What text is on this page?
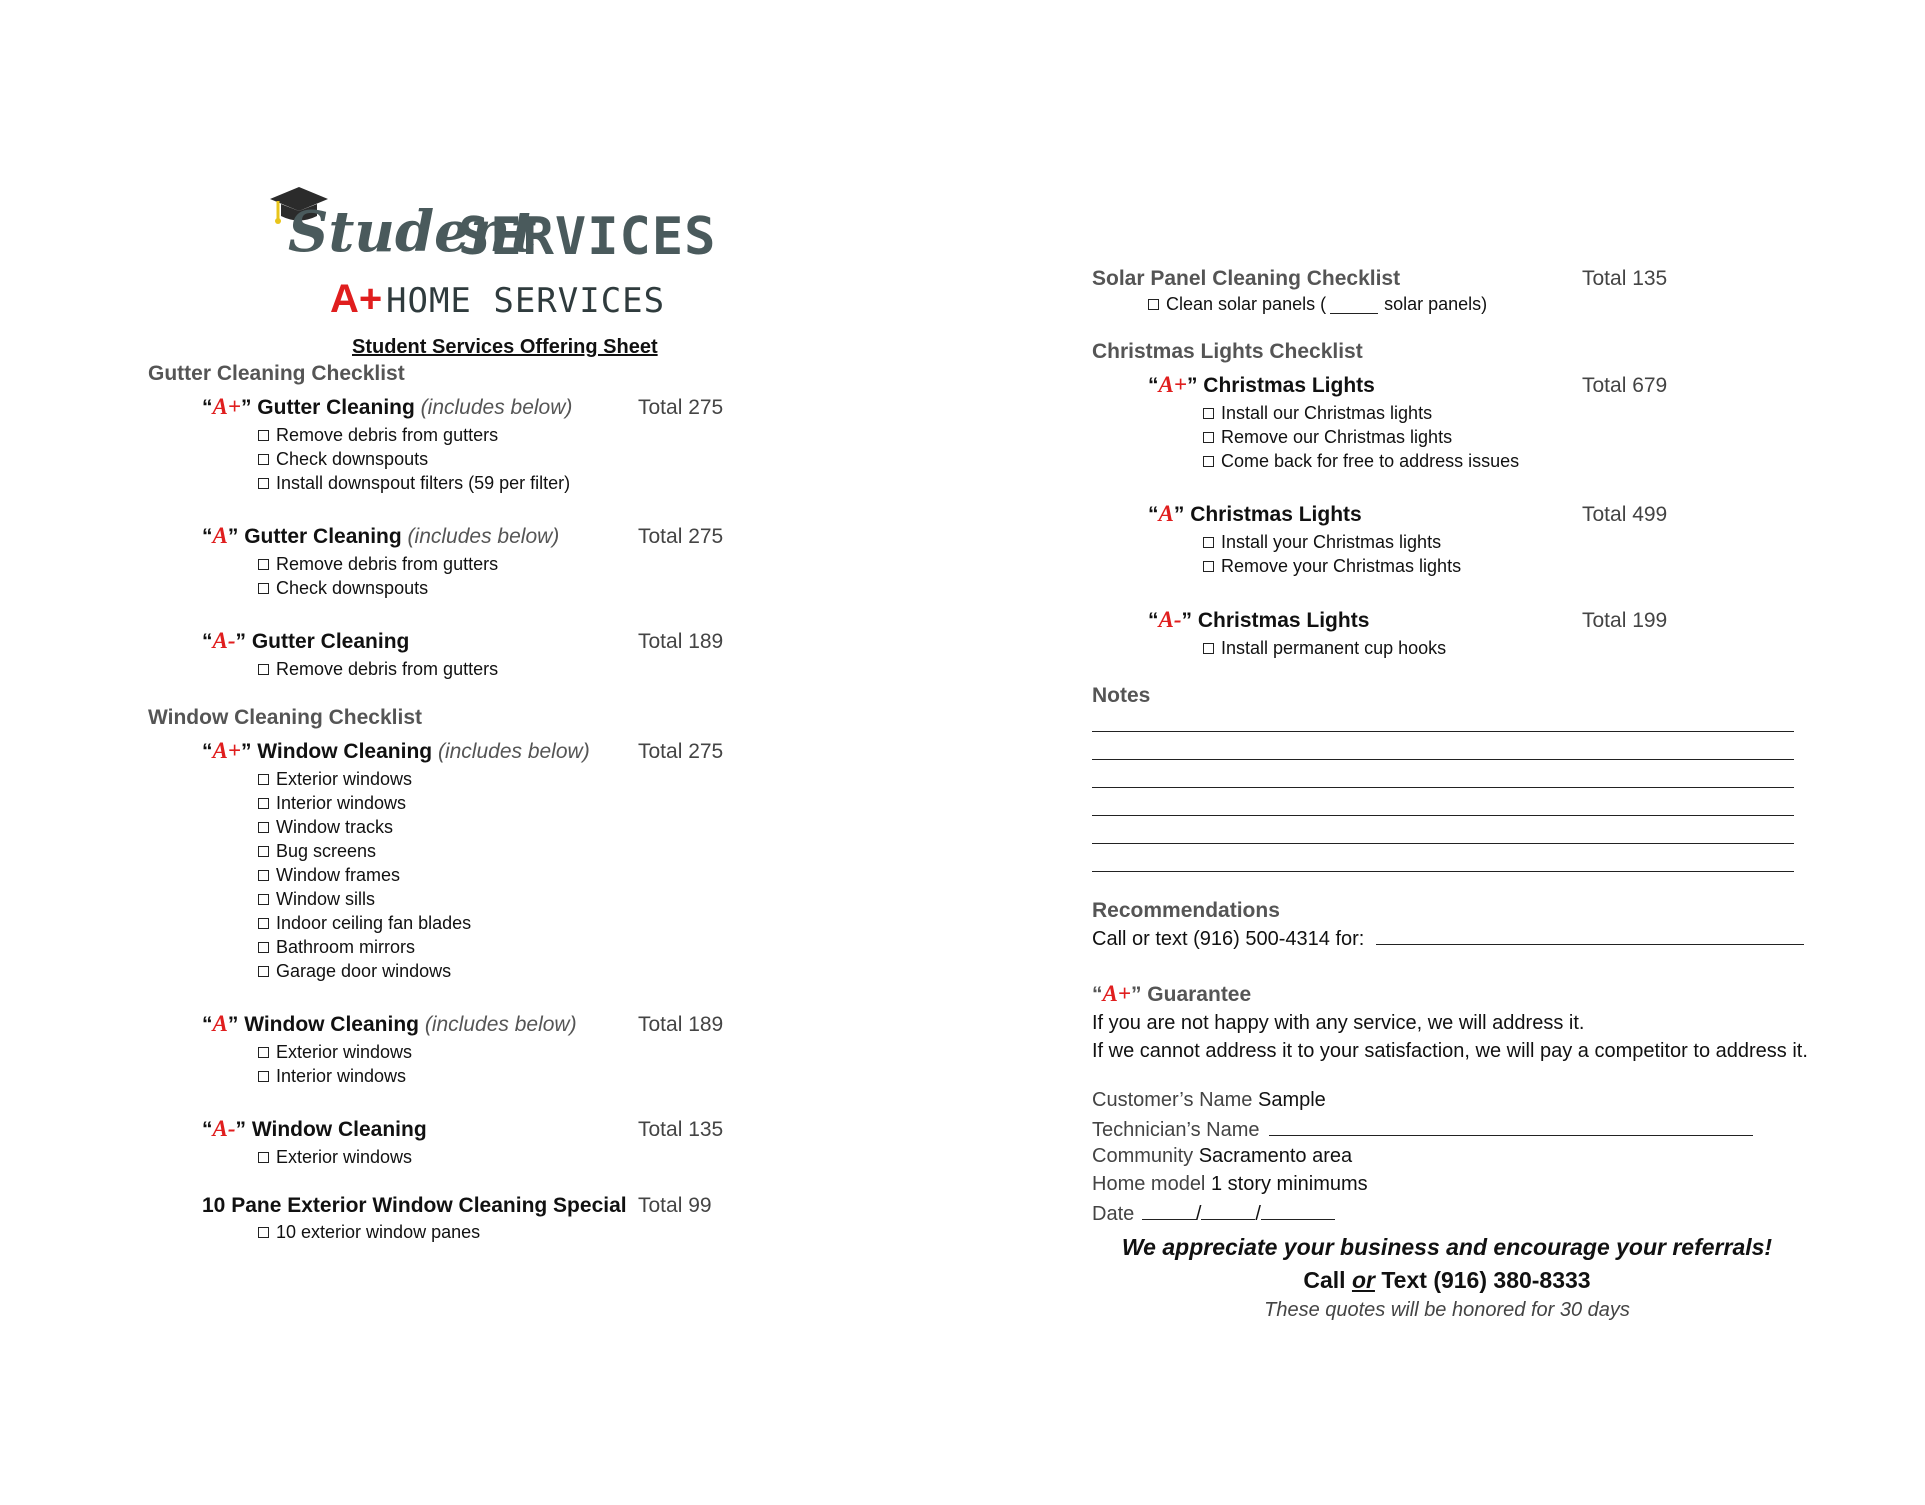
Student
SERVICES
A+ HOME SERVICES
Student Services Offering Sheet
Gutter Cleaning Checklist
“A+” Gutter Cleaning (includes below)	Total 275
Remove debris from gutters
Check downspouts
Install downspout filters (59 per filter)
“A” Gutter Cleaning (includes below)	Total 275
Remove debris from gutters
Check downspouts
“A-” Gutter Cleaning	Total 189
Remove debris from gutters
Window Cleaning Checklist
“A+” Window Cleaning (includes below) Total 275
Exterior windows
Interior windows
Window tracks
Bug screens
Window frames
Window sills
Indoor ceiling fan blades
Bathroom mirrors
Garage door windows
“A” Window Cleaning (includes below)	Total 189
Exterior windows
Interior windows
“A-” Window Cleaning	Total 135
Exterior windows
10 Pane Exterior Window Cleaning Special Total 99
10 exterior window panes
Solar Panel Cleaning Checklist	Total 135
Clean solar panels (	solar panels)
Christmas Lights Checklist
“A+” Christmas Lights	Total 679
Install our Christmas lights
Remove our Christmas lights
Come back for free to address issues
“A” Christmas Lights	Total 499
Install your Christmas lights
Remove your Christmas lights
“A-” Christmas Lights	Total 199
Install permanent cup hooks
Notes
Recommendations
Call or text (916) 500-4314 for:
“A+” Guarantee
If you are not happy with any service, we will address it.
If we cannot address it to your satisfaction, we will pay a competitor to address it.
Customer’s Name Sample
Technician’s Name
Community Sacramento area
Home model 1 story minimums
Date	/	/
We appreciate your business and encourage your referrals!
Call or Text (916) 380-8333
These quotes will be honored for 30 days
